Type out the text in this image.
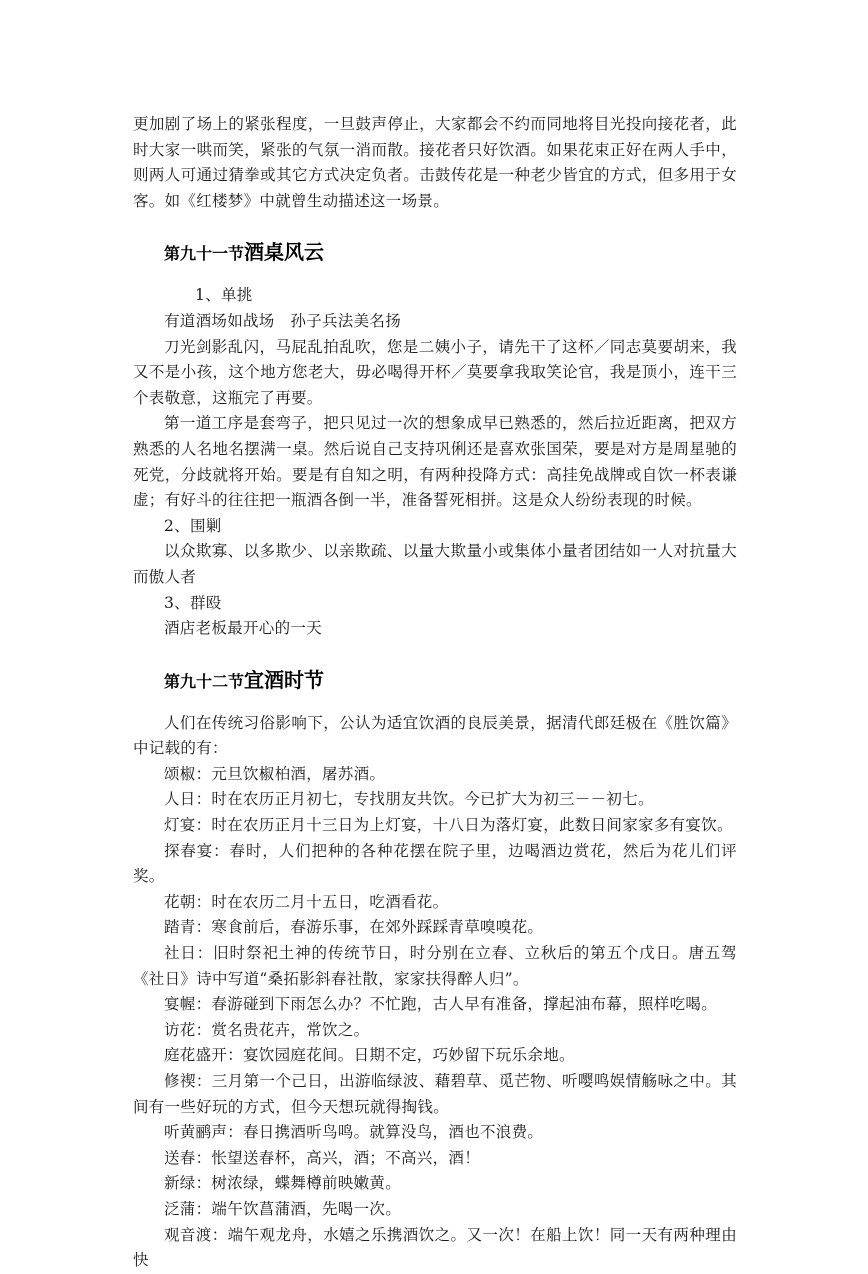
更加剧了场上的紧张程度，一旦鼓声停止，大家都会不约而同地将目光投向接花者，此时大家一哄而笑，紧张的气氛一消而散。接花者只好饮酒。如果花束正好在两人手中，则两人可通过猜拳或其它方式决定负者。击鼓传花是一种老少皆宜的方式，但多用于女客。如《红楼梦》中就曾生动描述这一场景。

第九十一节酒桌风云

1、单挑

有道酒场如战场　孙子兵法美名扬

刀光剑影乱闪，马屁乱拍乱吹，您是二姨小子，请先干了这杯／同志莫要胡来，我又不是小孩，这个地方您老大，毋必喝得开杯／莫要拿我取笑论官，我是顶小，连干三个表敬意，这瓶完了再要。

第一道工序是套弯子，把只见过一次的想象成早已熟悉的，然后拉近距离，把双方熟悉的人名地名摆满一桌。然后说自己支持巩俐还是喜欢张国荣，要是对方是周星驰的死党，分歧就将开始。要是有自知之明，有两种投降方式：高挂免战牌或自饮一杯表谦虚；有好斗的往往把一瓶酒各倒一半，准备誓死相拼。这是众人纷纷表现的时候。

2、围剿

以众欺寡、以多欺少、以亲欺疏、以量大欺量小或集体小量者团结如一人对抗量大而傲人者

3、群殴

酒店老板最开心的一天

第九十二节宜酒时节

人们在传统习俗影响下，公认为适宜饮酒的良辰美景，据清代郎廷极在《胜饮篇》中记载的有：

颂椒：元旦饮椒柏酒，屠苏酒。

人日：时在农历正月初七，专找朋友共饮。今已扩大为初三－－初七。

灯宴：时在农历正月十三日为上灯宴，十八日为落灯宴，此数日间家家多有宴饮。

探春宴：春时，人们把种的各种花摆在院子里，边喝酒边赏花，然后为花儿们评奖。

花朝：时在农历二月十五日，吃酒看花。

踏青：寒食前后，春游乐事，在郊外踩踩青草嗅嗅花。

社日：旧时祭祀土神的传统节日，时分别在立春、立秋后的第五个戊日。唐五驾《社日》诗中写道“桑拓影斜春社散，家家扶得醉人归”。

宴幄：春游碰到下雨怎么办？不忙跑，古人早有准备，撑起油布幕，照样吃喝。

访花：赏名贵花卉，常饮之。

庭花盛开：宴饮园庭花间。日期不定，巧妙留下玩乐余地。

修禊：三月第一个己日，出游临绿波、藉碧草、觅芒物、听嘤鸣娱情觞咏之中。其间有一些好玩的方式，但今天想玩就得掏钱。

听黄鹂声：春日携酒听鸟鸣。就算没鸟，酒也不浪费。

送春：怅望送春杯，高兴，酒；不高兴，酒！

新绿：树浓绿，蝶舞樽前映嫩黄。

泛蒲：端午饮菖蒲酒，先喝一次。

观音渡：端午观龙舟，水嬉之乐携酒饮之。又一次！在船上饮！同一天有两种理由快
